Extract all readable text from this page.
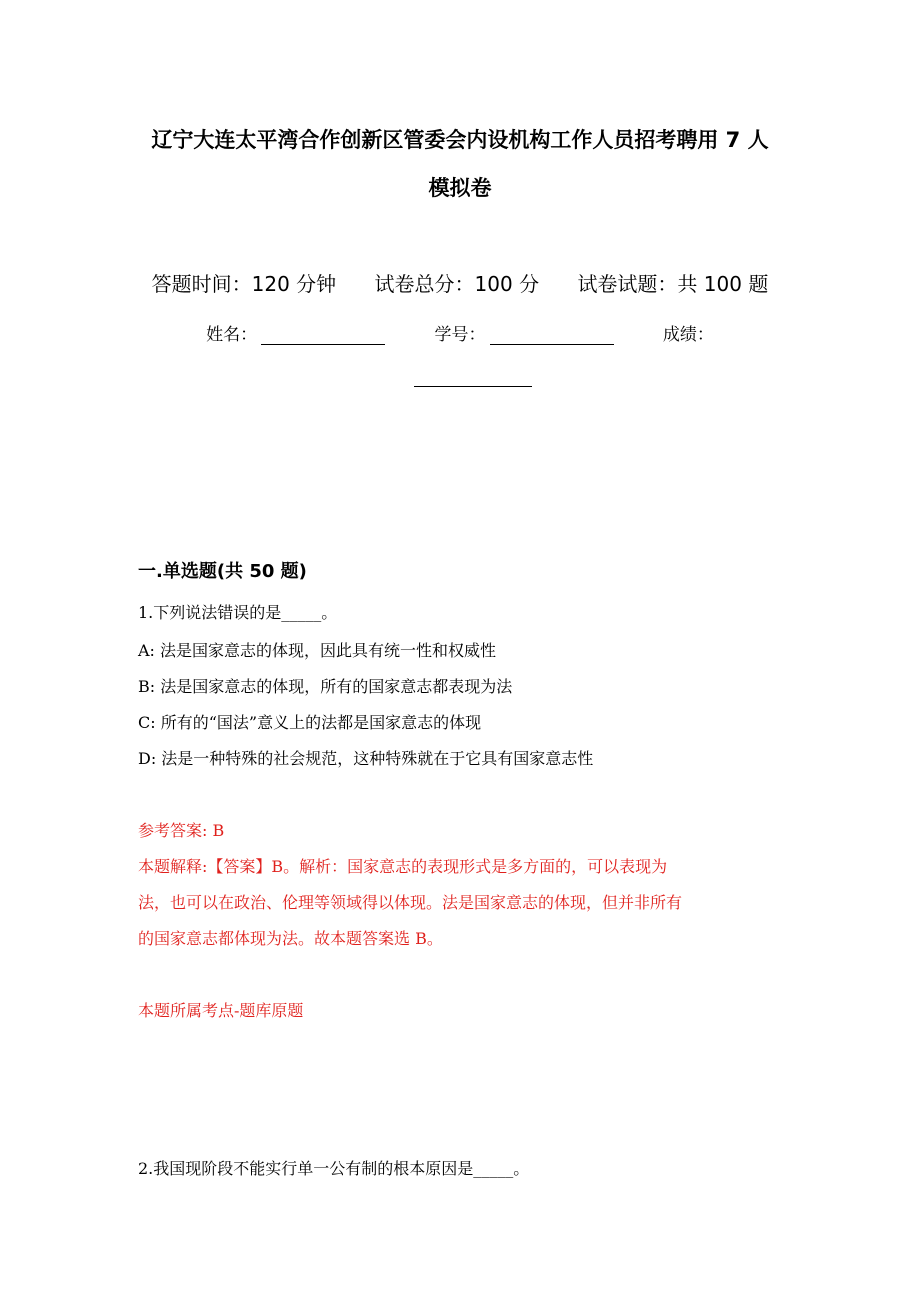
辽宁大连太平湾合作创新区管委会内设机构工作人员招考聘用 7 人
模拟卷
答题时间：120 分钟 试卷总分：100 分 试卷试题：共 100 题
姓名：	学号：	成绩：
一.单选题(共 50 题)
1.下列说法错误的是_____。
A: 法是国家意志的体现，因此具有统一性和权威性
B: 法是国家意志的体现，所有的国家意志都表现为法
C: 所有的“国法”意义上的法都是国家意志的体现
D: 法是一种特殊的社会规范，这种特殊就在于它具有国家意志性
参考答案: B
本题解释:【答案】B。解析：国家意志的表现形式是多方面的，可以表现为
法，也可以在政治、伦理等领域得以体现。法是国家意志的体现，但并非所有
的国家意志都体现为法。故本题答案选 B。
本题所属考点-题库原题
2.我国现阶段不能实行单一公有制的根本原因是_____。
